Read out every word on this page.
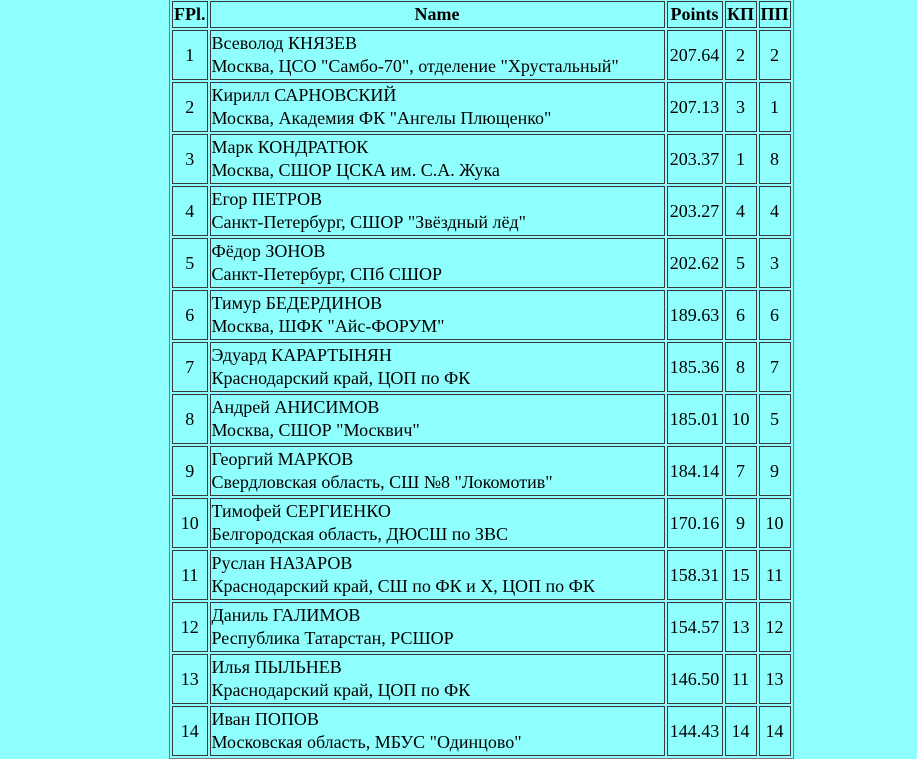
FPl.	Name	Points	КП	ПП
1	Всеволод КНЯЗЕВ
Москва, ЦСО "Самбо-70", отделение "Хрустальный"	207.64	2	2
2	Кирилл САРНОВСКИЙ
Москва, Академия ФК "Ангелы Плющенко"	207.13	3	1
3	Марк КОНДРАТЮК
Москва, СШОР ЦСКА им. С.А. Жука	203.37	1	8
4	Егор ПЕТРОВ
Санкт-Петербург, СШОР "Звёздный лёд"	203.27	4	4
5	Фёдор ЗОНОВ
Санкт-Петербург, СПб СШОР	202.62	5	3
6	Тимур БЕДЕРДИНОВ
Москва, ШФК "Айс-ФОРУМ"	189.63	6	6
7	Эдуард КАРАРТЫНЯН
Краснодарский край, ЦОП по ФК	185.36	8	7
8	Андрей АНИСИМОВ
Москва, СШОР "Москвич"	185.01	10	5
9	Георгий МАРКОВ
Свердловская область, СШ №8 "Локомотив"	184.14	7	9
10	Тимофей СЕРГИЕНКО
Белгородская область, ДЮСШ по ЗВС	170.16	9	10
11	Руслан НАЗАРОВ
Краснодарский край, СШ по ФК и Х, ЦОП по ФК	158.31	15	11
12	Даниль ГАЛИМОВ
Республика Татарстан, РСШОР	154.57	13	12
13	Илья ПЫЛЬНЕВ
Краснодарский край, ЦОП по ФК	146.50	11	13
14	Иван ПОПОВ
Московская область, МБУС "Одинцово"	144.43	14	14
